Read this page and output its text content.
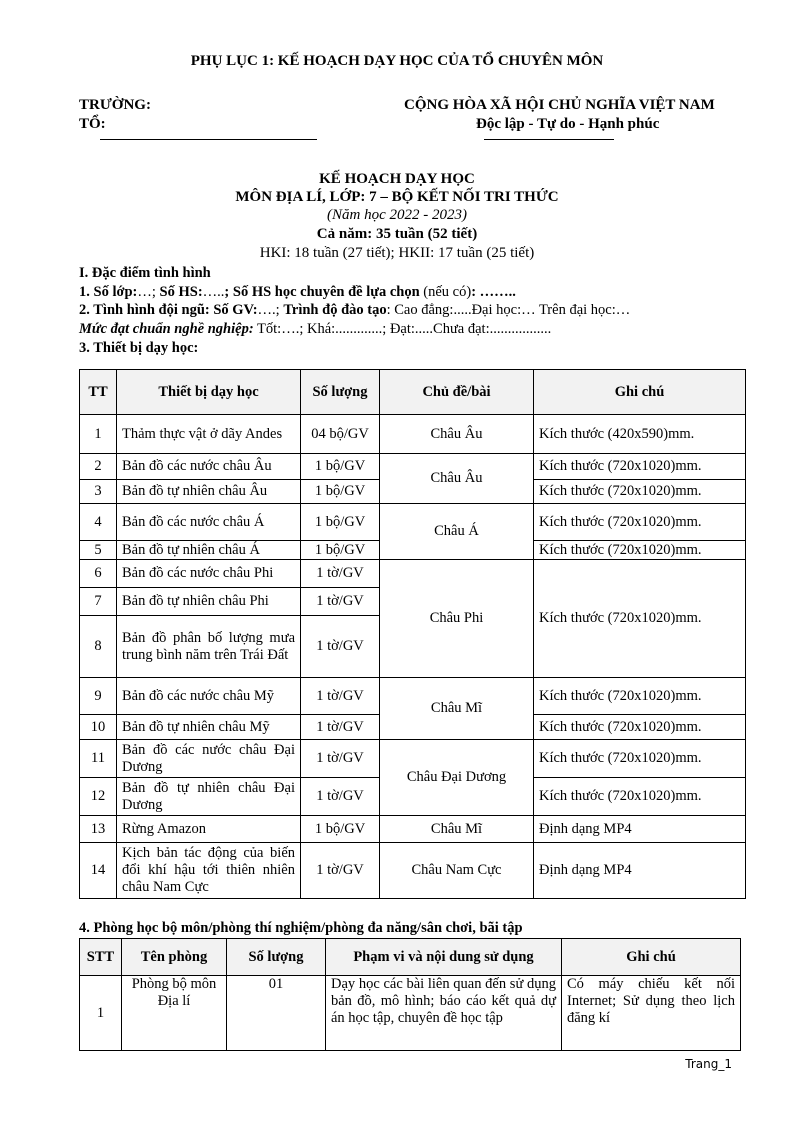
PHỤ LỤC 1: KẾ HOẠCH DẠY HỌC CỦA TỔ CHUYÊN MÔN
TRƯỜNG:
TỔ:
CỘNG HÒA XÃ HỘI CHỦ NGHĨA VIỆT NAM
Độc lập - Tự do - Hạnh phúc
KẾ HOẠCH DẠY HỌC
MÔN ĐỊA LÍ, LỚP: 7 – BỘ KẾT NỐI TRI THỨC
(Năm học 2022 - 2023)
Cả năm: 35 tuần (52 tiết)
HKI: 18 tuần (27 tiết); HKII: 17 tuần (25 tiết)
I. Đặc điểm tình hình
1. Số lớp:…; Số HS:…..; Số HS học chuyên đề lựa chọn (nếu có): ……..
2. Tình hình đội ngũ: Số GV:….; Trình độ đào tạo: Cao đẳng:.....Đại học:… Trên đại học:…
Mức đạt chuẩn nghề nghiệp: Tốt:….; Khá:.............; Đạt:.....Chưa đạt:.................
3. Thiết bị dạy học:
TT	Thiết bị dạy học	Số lượng	Chủ đề/bài	Ghi chú
1	Thảm thực vật ở dãy Andes	04 bộ/GV	Châu Âu	Kích thước (420x590)mm.
2	Bản đồ các nước châu Âu	1 bộ/GV	Châu Âu	Kích thước (720x1020)mm.
3	Bản đồ tự nhiên châu Âu	1 bộ/GV		Kích thước (720x1020)mm.
4	Bản đồ các nước châu Á	1 bộ/GV	Châu Á	Kích thước (720x1020)mm.
5	Bản đồ tự nhiên châu Á	1 bộ/GV		Kích thước (720x1020)mm.
6	Bản đồ các nước châu Phi	1 tờ/GV	Châu Phi	Kích thước (720x1020)mm.
7	Bản đồ tự nhiên châu Phi	1 tờ/GV		
8	Bản đồ phân bố lượng mưa trung bình năm trên Trái Đất	1 tờ/GV		
9	Bản đồ các nước châu Mỹ	1 tờ/GV	Châu Mĩ	Kích thước (720x1020)mm.
10	Bản đồ tự nhiên châu Mỹ	1 tờ/GV		Kích thước (720x1020)mm.
11	Bản đồ các nước châu Đại Dương	1 tờ/GV	Châu Đại Dương	Kích thước (720x1020)mm.
12	Bản đồ tự nhiên châu Đại Dương	1 tờ/GV		Kích thước (720x1020)mm.
13	Rừng Amazon	1 bộ/GV	Châu Mĩ	Định dạng MP4
14	Kịch bản tác động của biến đổi khí hậu tới thiên nhiên châu Nam Cực	1 tờ/GV	Châu Nam Cực	Định dạng MP4
4. Phòng học bộ môn/phòng thí nghiệm/phòng đa năng/sân chơi, bãi tập
STT	Tên phòng	Số lượng	Phạm vi và nội dung sử dụng	Ghi chú
1	Phòng bộ môn Địa lí	01	Dạy học các bài liên quan đến sử dụng bản đồ, mô hình; báo cáo kết quả dự án học tập, chuyên đề học tập	Có máy chiếu kết nối Internet; Sử dụng theo lịch đăng kí
Trang_1
